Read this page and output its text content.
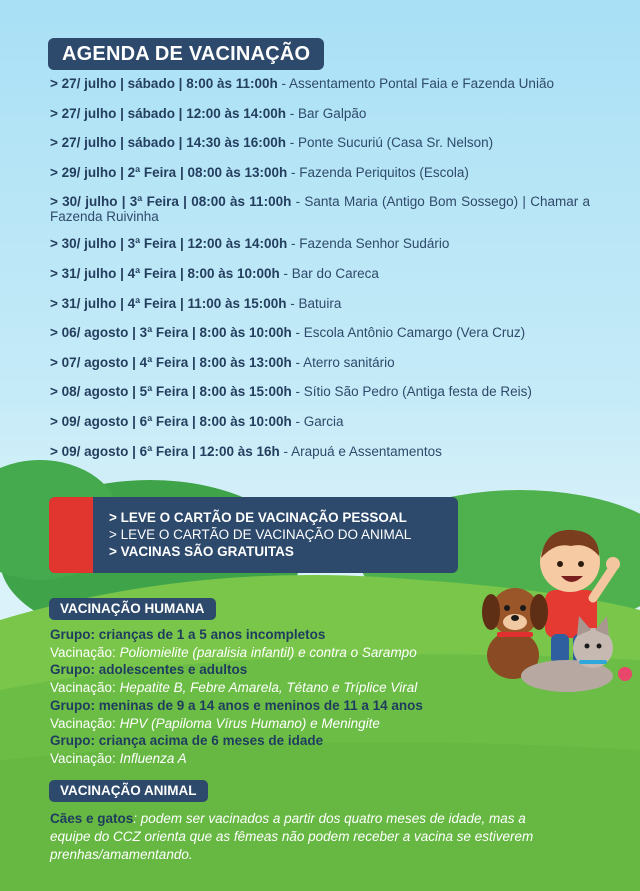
AGENDA DE VACINAÇÃO
> 27/ julho | sábado | 8:00 às 11:00h - Assentamento Pontal Faia e Fazenda União
> 27/ julho | sábado | 12:00 às 14:00h - Bar Galpão
> 27/ julho | sábado | 14:30 às 16:00h - Ponte Sucuriú (Casa Sr. Nelson)
> 29/ julho | 2ª Feira | 08:00 às 13:00h - Fazenda Periquitos (Escola)
> 30/ julho | 3ª Feira | 08:00 às 11:00h - Santa Maria (Antigo Bom Sossego) | Chamar a Fazenda Ruivinha
> 30/ julho | 3ª Feira | 12:00 às 14:00h - Fazenda Senhor Sudário
> 31/ julho | 4ª Feira | 8:00 às 10:00h - Bar do Careca
> 31/ julho | 4ª Feira | 11:00 às 15:00h - Batuira
> 06/ agosto | 3ª Feira | 8:00 às 10:00h - Escola Antônio Camargo (Vera Cruz)
> 07/ agosto | 4ª Feira | 8:00 às 13:00h - Aterro sanitário
> 08/ agosto | 5ª Feira | 8:00 às 15:00h - Sítio São Pedro (Antiga festa de Reis)
> 09/ agosto | 6ª Feira | 8:00 às 10:00h - Garcia
> 09/ agosto | 6ª Feira | 12:00 às 16h - Arapuá e Assentamentos
> LEVE O CARTÃO DE VACINAÇÃO PESSOAL
> LEVE O CARTÃO DE VACINAÇÃO DO ANIMAL
> VACINAS SÃO GRATUITAS
VACINAÇÃO HUMANA
Grupo: crianças de 1 a 5 anos incompletos
Vacinação: Poliomielite (paralisia infantil) e contra o Sarampo
Grupo: adolescentes e adultos
Vacinação: Hepatite B, Febre Amarela, Tétano e Tríplice Viral
Grupo: meninas de 9 a 14 anos e meninos de 11 a 14 anos
Vacinação: HPV (Papiloma Vírus Humano) e Meningite
Grupo: criança acima de 6 meses de idade
Vacinação: Influenza A
VACINAÇÃO ANIMAL
Cães e gatos: podem ser vacinados a partir dos quatro meses de idade, mas a equipe do CCZ orienta que as fêmeas não podem receber a vacina se estiverem prenhas/amamentando.
